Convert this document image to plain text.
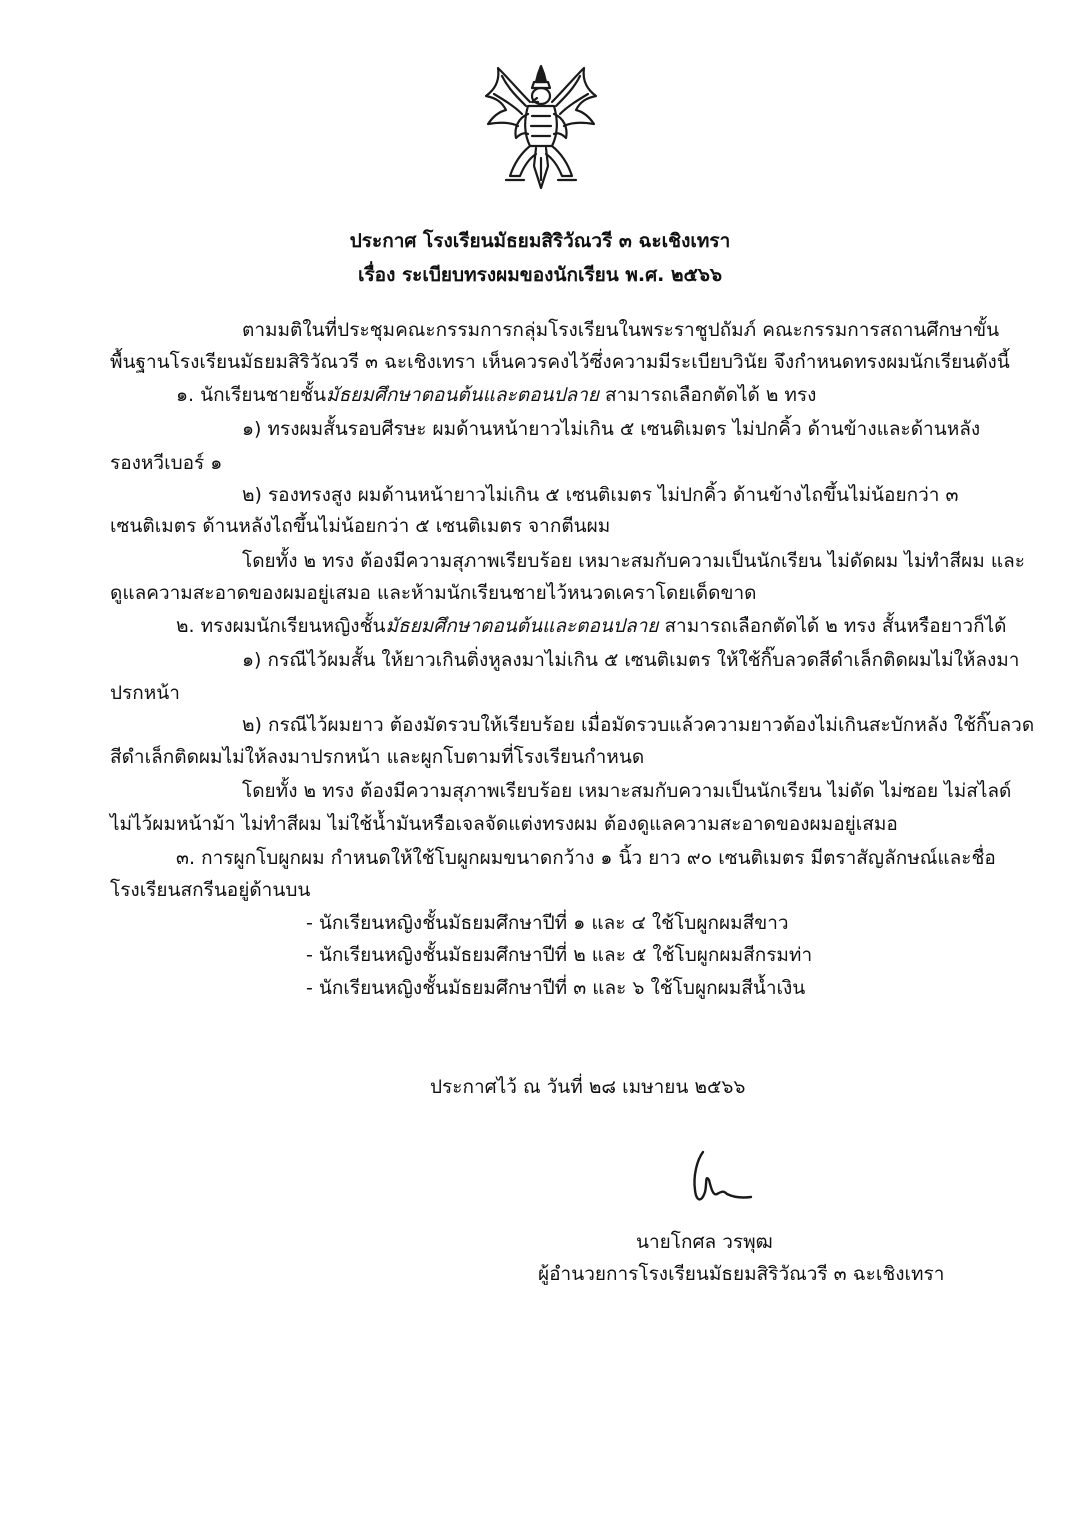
ประกาศ โรงเรียนมัธยมสิริวัณวรี ๓ ฉะเชิงเทรา
เรื่อง ระเบียบทรงผมของนักเรียน พ.ศ. ๒๕๖๖
ตามมติในที่ประชุมคณะกรรมการกลุ่มโรงเรียนในพระราชูปถัมภ์ คณะกรรมการสถานศึกษาขั้น
พื้นฐานโรงเรียนมัธยมสิริวัณวรี ๓ ฉะเชิงเทรา เห็นควรคงไว้ซึ่งความมีระเบียบวินัย จึงกำหนดทรงผมนักเรียนดังนี้
๑. นักเรียนชายชั้นมัธยมศึกษาตอนต้นและตอนปลาย สามารถเลือกตัดได้ ๒ ทรง
๑) ทรงผมสั้นรอบศีรษะ ผมด้านหน้ายาวไม่เกิน ๕ เซนติเมตร ไม่ปกคิ้ว ด้านข้างและด้านหลัง
รองหวีเบอร์ ๑
๒) รองทรงสูง ผมด้านหน้ายาวไม่เกิน ๕ เซนติเมตร ไม่ปกคิ้ว ด้านข้างไถขึ้นไม่น้อยกว่า ๓
เซนติเมตร ด้านหลังไถขึ้นไม่น้อยกว่า ๕ เซนติเมตร จากตีนผม
โดยทั้ง ๒ ทรง ต้องมีความสุภาพเรียบร้อย เหมาะสมกับความเป็นนักเรียน ไม่ดัดผม ไม่ทำสีผม และ
ดูแลความสะอาดของผมอยู่เสมอ และห้ามนักเรียนชายไว้หนวดเคราโดยเด็ดขาด
๒. ทรงผมนักเรียนหญิงชั้นมัธยมศึกษาตอนต้นและตอนปลาย สามารถเลือกตัดได้ ๒ ทรง สั้นหรือยาวก็ได้
๑) กรณีไว้ผมสั้น ให้ยาวเกินติ่งหูลงมาไม่เกิน ๕ เซนติเมตร ให้ใช้กิ๊บลวดสีดำเล็กติดผมไม่ให้ลงมา
ปรกหน้า
๒) กรณีไว้ผมยาว ต้องมัดรวบให้เรียบร้อย เมื่อมัดรวบแล้วความยาวต้องไม่เกินสะบักหลัง ใช้กิ๊บลวด
สีดำเล็กติดผมไม่ให้ลงมาปรกหน้า และผูกโบตามที่โรงเรียนกำหนด
โดยทั้ง ๒ ทรง ต้องมีความสุภาพเรียบร้อย เหมาะสมกับความเป็นนักเรียน ไม่ดัด ไม่ซอย ไม่สไลด์
ไม่ไว้ผมหน้าม้า ไม่ทำสีผม ไม่ใช้น้ำมันหรือเจลจัดแต่งทรงผม ต้องดูแลความสะอาดของผมอยู่เสมอ
๓. การผูกโบผูกผม กำหนดให้ใช้โบผูกผมขนาดกว้าง ๑ นิ้ว ยาว ๙๐ เซนติเมตร มีตราสัญลักษณ์และชื่อ
โรงเรียนสกรีนอยู่ด้านบน
- นักเรียนหญิงชั้นมัธยมศึกษาปีที่ ๑ และ ๔ ใช้โบผูกผมสีขาว
- นักเรียนหญิงชั้นมัธยมศึกษาปีที่ ๒ และ ๕ ใช้โบผูกผมสีกรมท่า
- นักเรียนหญิงชั้นมัธยมศึกษาปีที่ ๓ และ ๖ ใช้โบผูกผมสีน้ำเงิน
ประกาศไว้ ณ วันที่ ๒๘ เมษายน ๒๕๖๖
นายโกศล วรพุฒ
ผู้อำนวยการโรงเรียนมัธยมสิริวัณวรี ๓ ฉะเชิงเทรา
